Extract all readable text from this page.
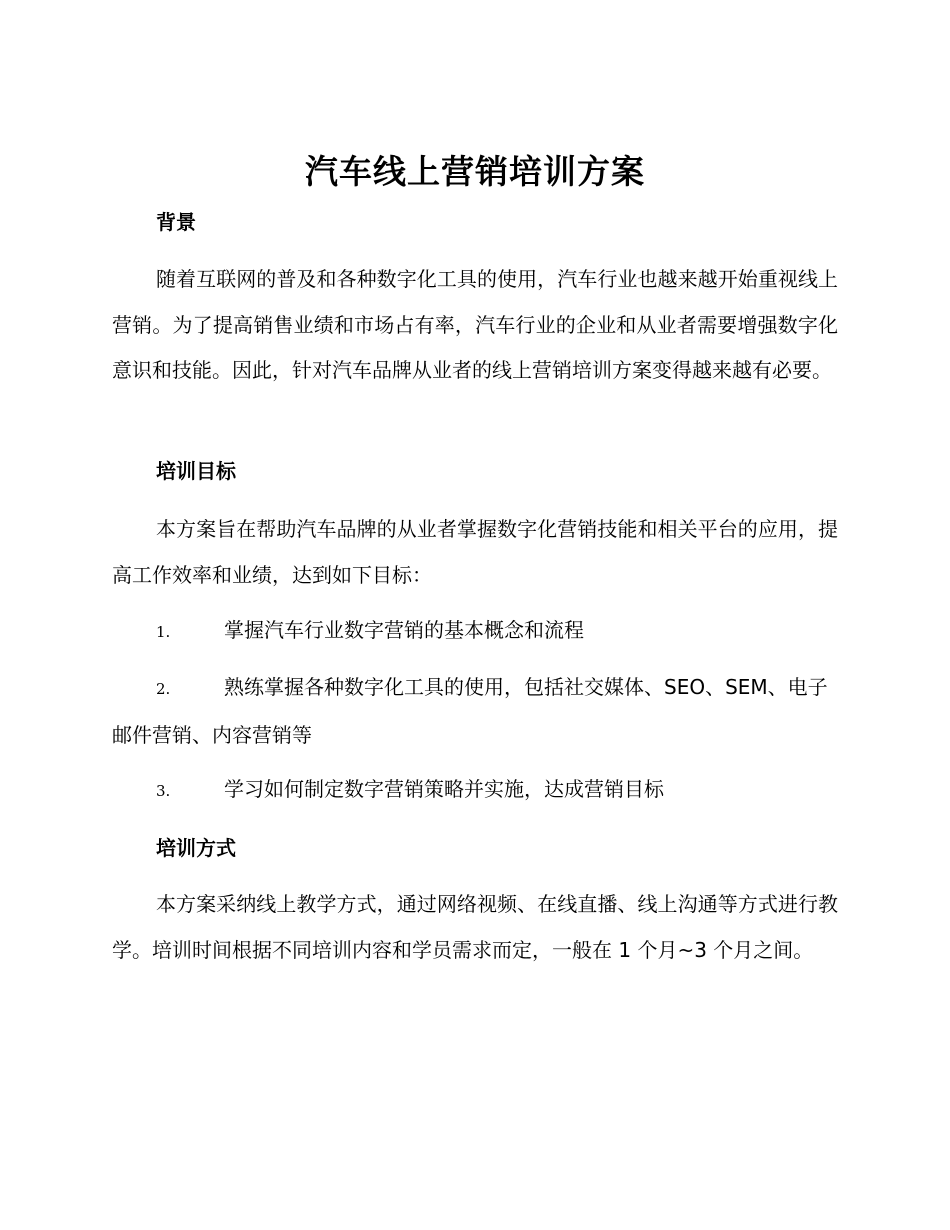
汽车线上营销培训方案
背景

随着互联网的普及和各种数字化工具的使用，汽车行业也越来越开始重视线上营销。为了提高销售业绩和市场占有率，汽车行业的企业和从业者需要增强数字化意识和技能。因此，针对汽车品牌从业者的线上营销培训方案变得越来越有必要。

培训目标

本方案旨在帮助汽车品牌的从业者掌握数字化营销技能和相关平台的应用，提高工作效率和业绩，达到如下目标：

1.	掌握汽车行业数字营销的基本概念和流程

2.	熟练掌握各种数字化工具的使用，包括社交媒体、SEO、SEM、电子邮件营销、内容营销等

3.	学习如何制定数字营销策略并实施，达成营销目标

培训方式

本方案采纳线上教学方式，通过网络视频、在线直播、线上沟通等方式进行教学。培训时间根据不同培训内容和学员需求而定，一般在 1 个月~3 个月之间。
